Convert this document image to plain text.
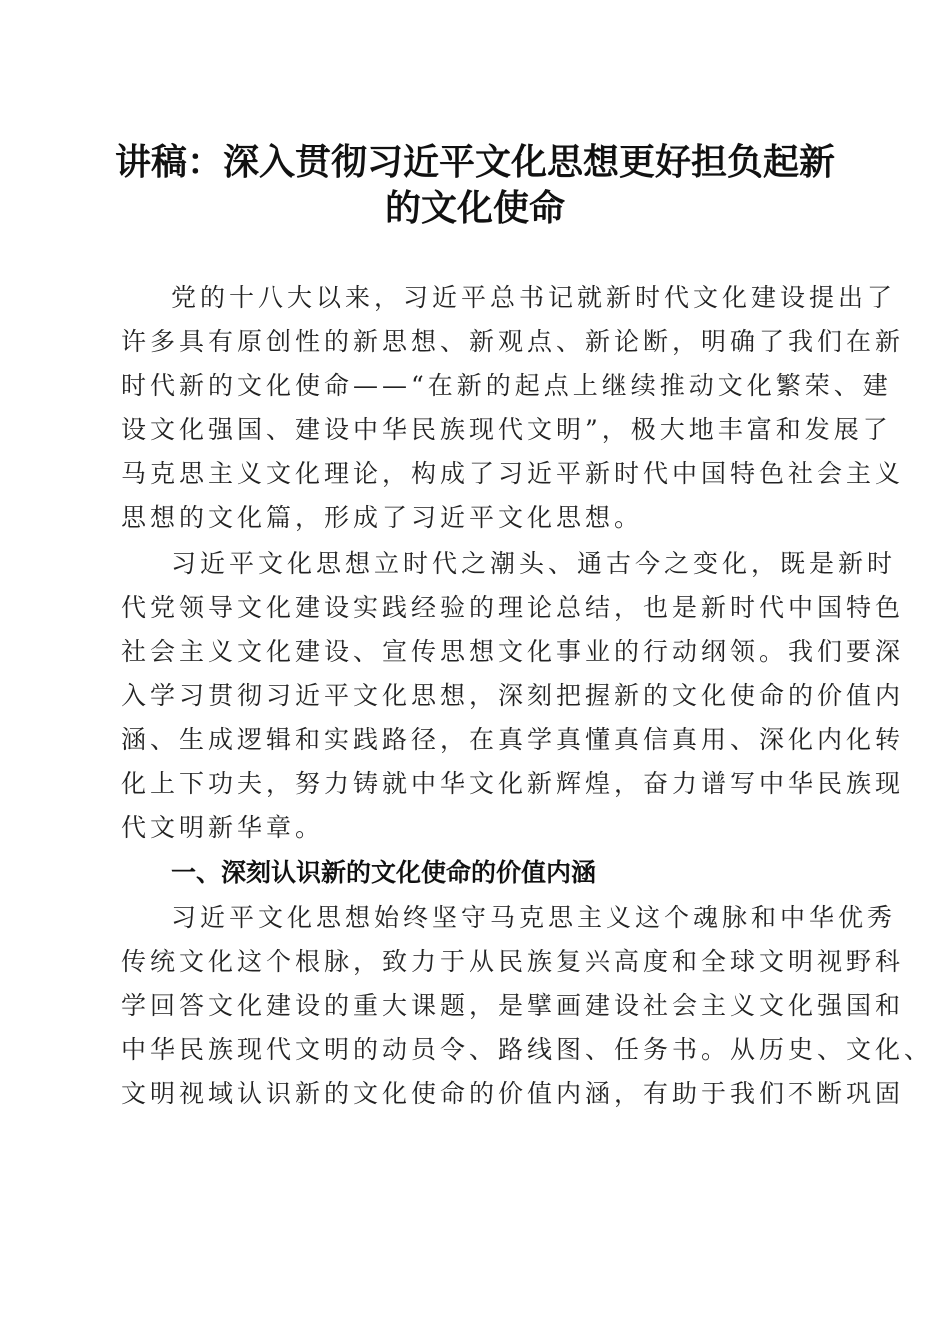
讲稿：深入贯彻习近平文化思想更好担负起新
的文化使命
党的十八大以来，习近平总书记就新时代文化建设提出了
许多具有原创性的新思想、新观点、新论断，明确了我们在新
时代新的文化使命——“在新的起点上继续推动文化繁荣、建
设文化强国、建设中华民族现代文明”，极大地丰富和发展了
马克思主义文化理论，构成了习近平新时代中国特色社会主义
思想的文化篇，形成了习近平文化思想。
习近平文化思想立时代之潮头、通古今之变化，既是新时
代党领导文化建设实践经验的理论总结，也是新时代中国特色
社会主义文化建设、宣传思想文化事业的行动纲领。我们要深
入学习贯彻习近平文化思想，深刻把握新的文化使命的价值内
涵、生成逻辑和实践路径，在真学真懂真信真用、深化内化转
化上下功夫，努力铸就中华文化新辉煌，奋力谱写中华民族现
代文明新华章。
一、深刻认识新的文化使命的价值内涵
习近平文化思想始终坚守马克思主义这个魂脉和中华优秀
传统文化这个根脉，致力于从民族复兴高度和全球文明视野科
学回答文化建设的重大课题，是擘画建设社会主义文化强国和
中华民族现代文明的动员令、路线图、任务书。从历史、文化、
文明视域认识新的文化使命的价值内涵，有助于我们不断巩固
